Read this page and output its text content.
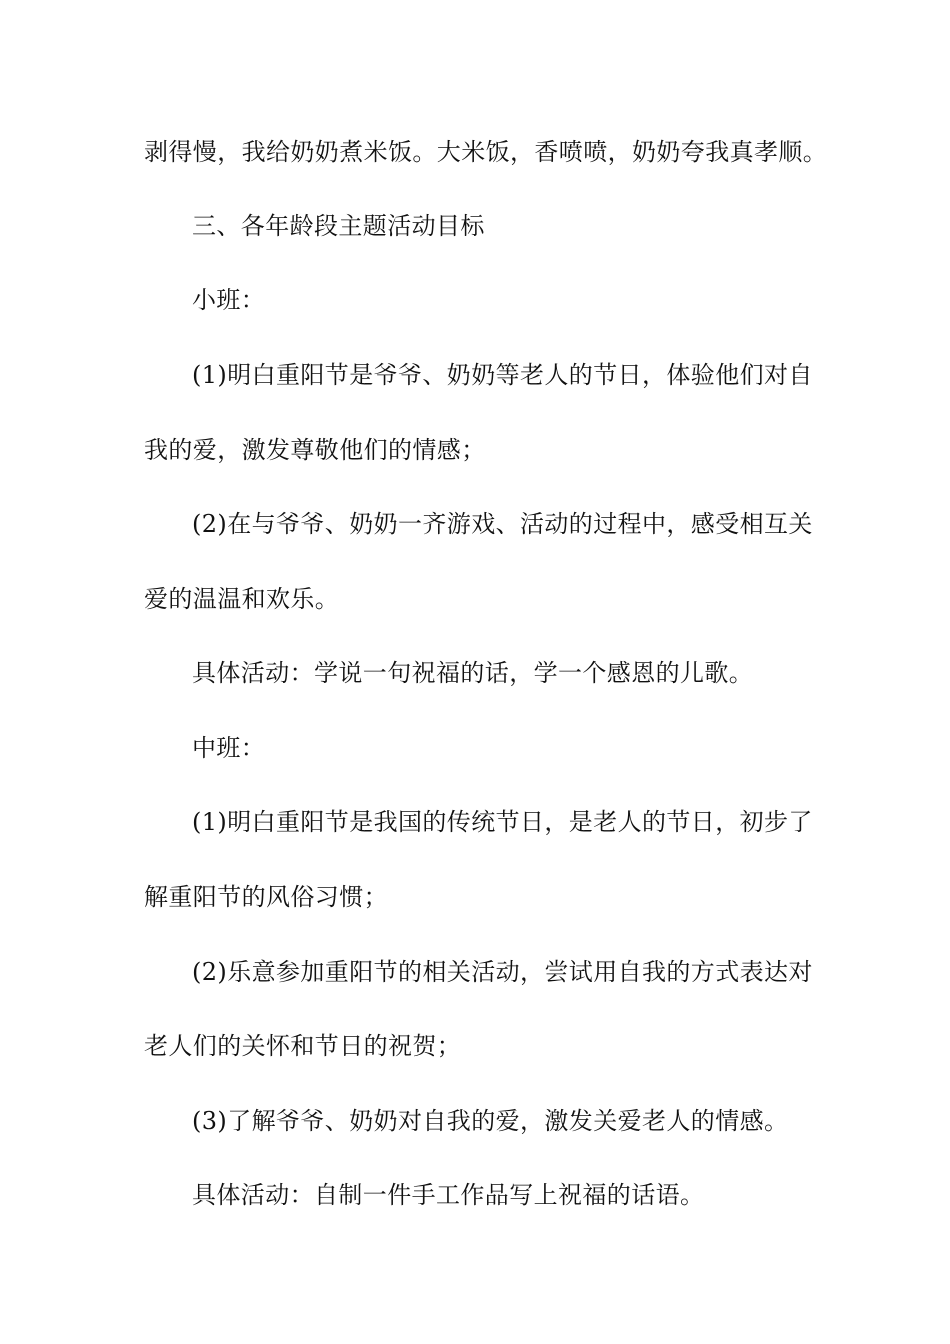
剥得慢，我给奶奶煮米饭。大米饭，香喷喷，奶奶夸我真孝顺。

三、各年龄段主题活动目标

小班：

(1)明白重阳节是爷爷、奶奶等老人的节日，体验他们对自

我的爱，激发尊敬他们的情感；

(2)在与爷爷、奶奶一齐游戏、活动的过程中，感受相互关

爱的温温和欢乐。

具体活动：学说一句祝福的话，学一个感恩的儿歌。

中班：

(1)明白重阳节是我国的传统节日，是老人的节日，初步了

解重阳节的风俗习惯；

(2)乐意参加重阳节的相关活动，尝试用自我的方式表达对

老人们的关怀和节日的祝贺；

(3)了解爷爷、奶奶对自我的爱，激发关爱老人的情感。

具体活动：自制一件手工作品写上祝福的话语。
